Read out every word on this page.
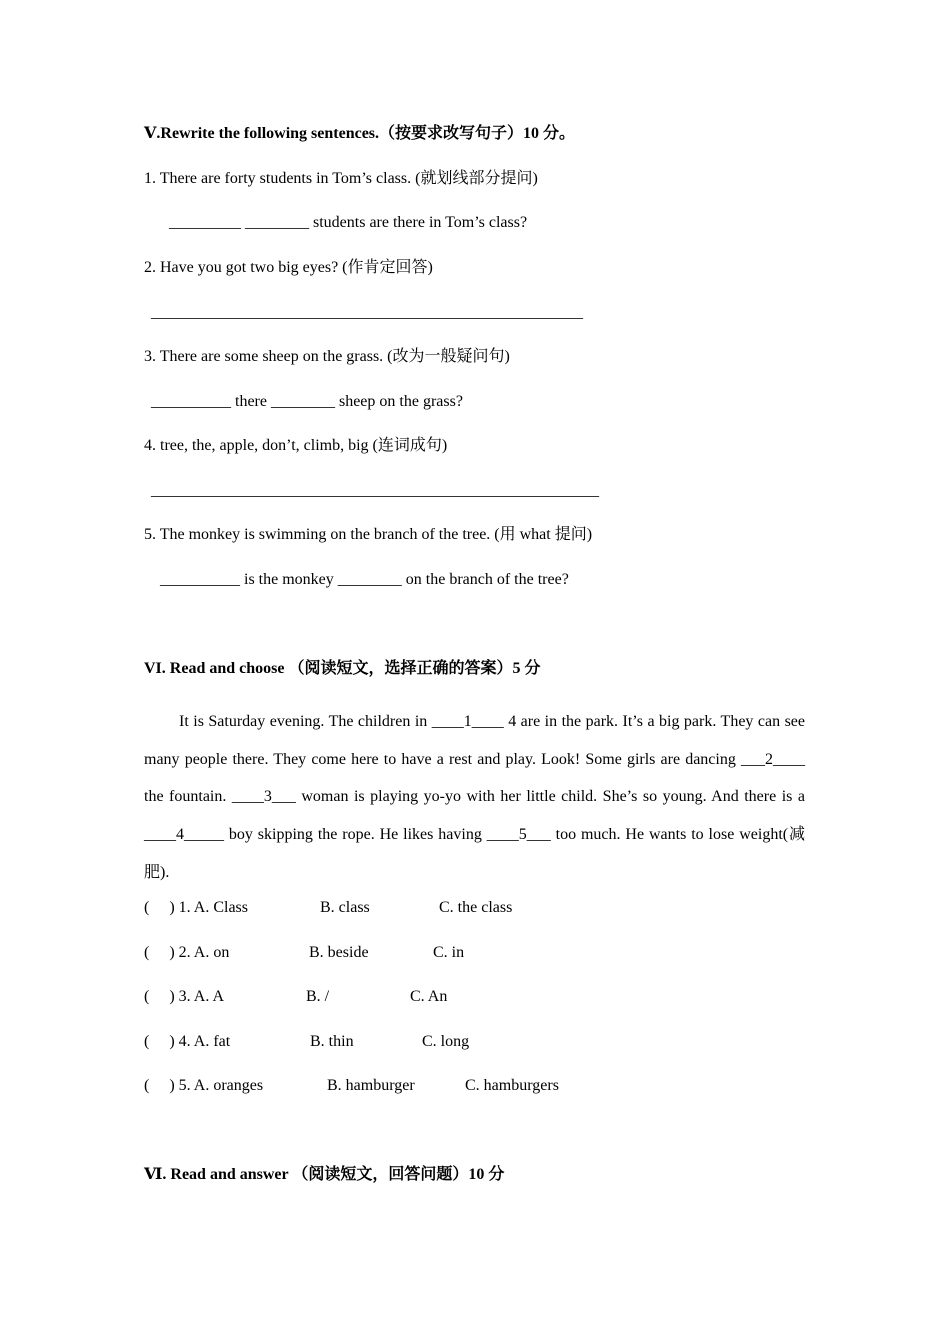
Ⅴ.Rewrite the following sentences.（按要求改写句子）10 分。
1. There are forty students in Tom’s class. (就划线部分提问)
_________ ________ students are there in Tom’s class?
2. Have you got two big eyes? (作肯定回答)
______________________________________________________
3. There are some sheep on the grass. (改为一般疑问句)
__________ there ________ sheep on the grass?
4. tree, the, apple, don’t, climb, big (连词成句)
________________________________________________________
5. The monkey is swimming on the branch of the tree. (用 what 提问)
__________ is the monkey ________ on the branch of the tree?
VI. Read and choose （阅读短文，选择正确的答案）5 分
It is Saturday evening. The children in ____1____ 4 are in the park. It’s a big park. They can see many people there. They come here to have a rest and play. Look! Some girls are dancing ___2____ the fountain. ____3___ woman is playing yo-yo with her little child. She’s so young. And there is a ____4_____ boy skipping the rope. He likes having ____5___ too much. He wants to lose weight(减肥).
(     ) 1. A. Class	B. class	C. the class
(     ) 2. A. on	B. beside	C. in
(     ) 3. A. A	B. /	C. An
(     ) 4. A. fat	B. thin	C. long
(     ) 5. A. oranges	B. hamburger	C. hamburgers
Ⅵ. Read and answer （阅读短文，回答问题）10 分
